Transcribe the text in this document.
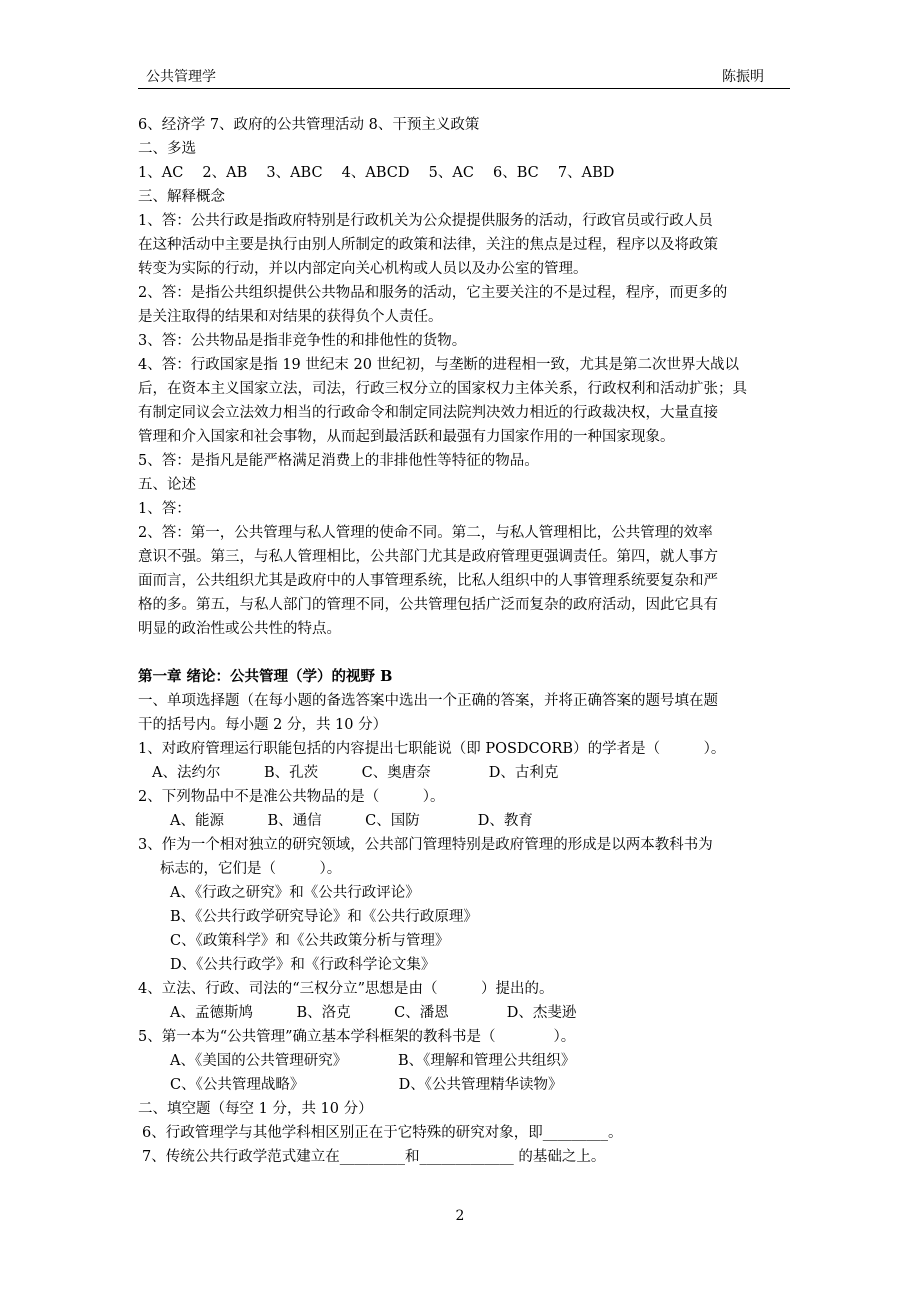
公共管理学	陈振明
6、经济学 7、政府的公共管理活动 8、干预主义政策
二、多选
1、AC　 2、AB　 3、ABC　 4、ABCD　 5、AC　 6、BC　 7、ABD
三、解释概念
1、答：公共行政是指政府特别是行政机关为公众提提供服务的活动，行政官员或行政人员
在这种活动中主要是执行由别人所制定的政策和法律，关注的焦点是过程，程序以及将政策
转变为实际的行动，并以内部定向关心机构或人员以及办公室的管理。
2、答：是指公共组织提供公共物品和服务的活动，它主要关注的不是过程，程序，而更多的
是关注取得的结果和对结果的获得负个人责任。
3、答：公共物品是指非竞争性的和排他性的货物。
4、答：行政国家是指 19 世纪末 20 世纪初，与垄断的进程相一致，尤其是第二次世界大战以
后，在资本主义国家立法，司法，行政三权分立的国家权力主体关系，行政权利和活动扩张；具
有制定同议会立法效力相当的行政命令和制定同法院判决效力相近的行政裁决权，大量直接
管理和介入国家和社会事物，从而起到最活跃和最强有力国家作用的一种国家现象。
5、答：是指凡是能严格满足消费上的非排他性等特征的物品。
五、论述
1、答：
2、答：第一，公共管理与私人管理的使命不同。第二，与私人管理相比，公共管理的效率
意识不强。第三，与私人管理相比，公共部门尤其是政府管理更强调责任。第四，就人事方
面而言，公共组织尤其是政府中的人事管理系统，比私人组织中的人事管理系统要复杂和严
格的多。第五，与私人部门的管理不同，公共管理包括广泛而复杂的政府活动，因此它具有
明显的政治性或公共性的特点。
第一章 绪论：公共管理（学）的视野 B
一、单项选择题（在每小题的备选答案中选出一个正确的答案，并将正确答案的题号填在题
干的括号内。每小题 2 分，共 10 分）
1、对政府管理运行职能包括的内容提出七职能说（即 POSDCORB）的学者是（　　　）。
A、法约尔　　　B、孔茨　　　C、奥唐奈　　　　D、古利克
2、下列物品中不是准公共物品的是（　　　）。
A、能源　　　B、通信　　　C、国防　　　　D、教育
3、作为一个相对独立的研究领域，公共部门管理特别是政府管理的形成是以两本教科书为
标志的，它们是（　　　）。
A、《行政之研究》和《公共行政评论》
B、《公共行政学研究导论》和《公共行政原理》
C、《政策科学》和《公共政策分析与管理》
D、《公共行政学》和《行政科学论文集》
4、立法、行政、司法的“三权分立”思想是由（　　　）提出的。
A、孟德斯鸠　　　B、洛克　　　C、潘恩　　　　D、杰斐逊
5、第一本为“公共管理”确立基本学科框架的教科书是（　　　　）。
A、《美国的公共管理研究》　　　　B、《理解和管理公共组织》
C、《公共管理战略》　　　　　　　D、《公共管理精华读物》
二、填空题（每空 1 分，共 10 分）
6、行政管理学与其他学科相区别正在于它特殊的研究对象，即_________。
7、传统公共行政学范式建立在_________和_____________ 的基础之上。
2
